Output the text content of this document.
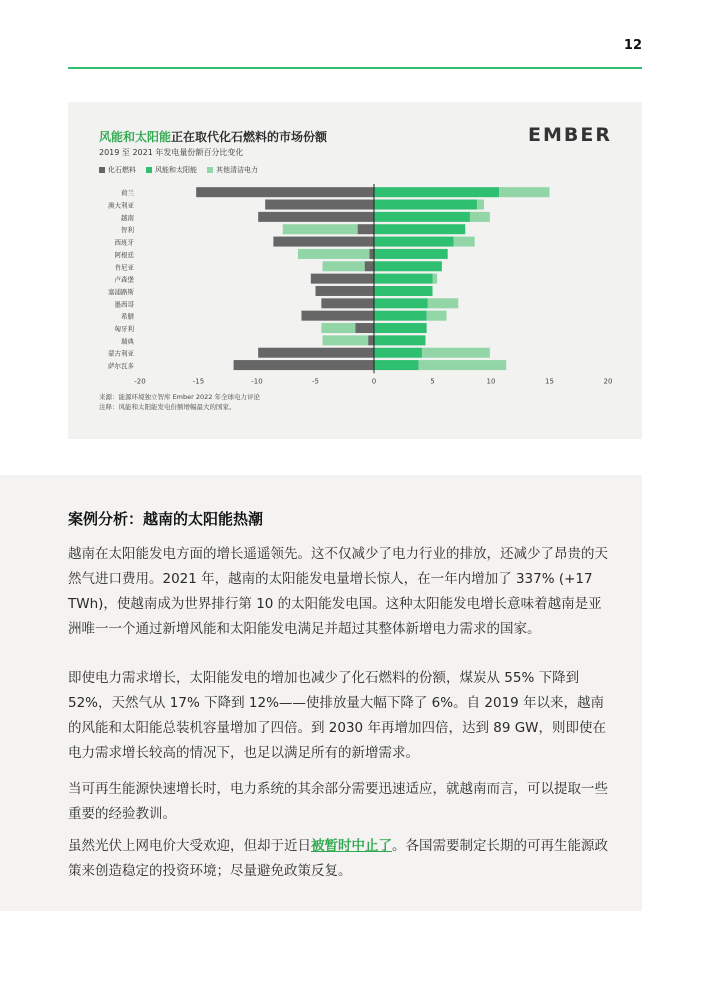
12
风能和太阳能正在取代化石燃料的市场份额
2019 至 2021 年发电量份额百分比变化
EMBER
化石燃料	风能和太阳能	其他清洁电力
荷兰
澳大利亚
越南
智利
西班牙
阿根廷
肯尼亚
卢森堡
塞浦路斯
墨西哥
希腊
匈牙利
瑞典
蒙古利亚
萨尔瓦多
-20	-15	-10	-5	0	5	10	15	20
来源：能源环境独立智库 Ember 2022 年全球电力评论
注释：风能和太阳能发电份额增幅最大的国家。
案例分析：越南的太阳能热潮

越南在太阳能发电方面的增长遥遥领先。这不仅减少了电力行业的排放，还减少了昂贵的天然气进口费用。2021 年，越南的太阳能发电量增长惊人，在一年内增加了 337% (+17 TWh)，使越南成为世界排行第 10 的太阳能发电国。这种太阳能发电增长意味着越南是亚洲唯一一个通过新增风能和太阳能发电满足并超过其整体新增电力需求的国家。

即使电力需求增长，太阳能发电的增加也减少了化石燃料的份额，煤炭从 55% 下降到 52%，天然气从 17% 下降到 12%——使排放量大幅下降了 6%。自 2019 年以来，越南的风能和太阳能总装机容量增加了四倍。到 2030 年再增加四倍，达到 89 GW，则即使在电力需求增长较高的情况下，也足以满足所有的新增需求。

当可再生能源快速增长时，电力系统的其余部分需要迅速适应，就越南而言，可以提取一些重要的经验教训。

虽然光伏上网电价大受欢迎，但却于近日被暂时中止了。各国需要制定长期的可再生能源政策来创造稳定的投资环境；尽量避免政策反复。
